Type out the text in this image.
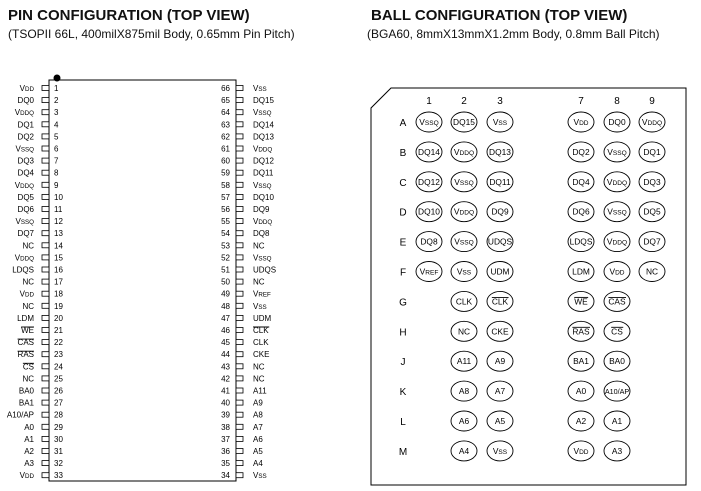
PIN CONFIGURATION (TOP VIEW)
(TSOPII 66L, 400milX875mil Body, 0.65mm Pin Pitch)
BALL CONFIGURATION (TOP VIEW)
(BGA60, 8mmX13mmX1.2mm Body, 0.8mm Ball Pitch)
VDD	1
DQ0	2
VDDQ	3
DQ1	4
DQ2	5
VSSQ	6
DQ3	7
DQ4	8
VDDQ	9
DQ5	10
DQ6	11
VSSQ	12
DQ7	13
NC	14
VDDQ	15
LDQS	16
NC	17
VDD	18
NC	19
LDM	20
WE	21
CAS	22
RAS	23
CS	24
NC	25
BA0	26
BA1	27
A10/AP	28
A0	29
A1	30
A2	31
A3	32
VDD	33
66	VSS
65	DQ15
64	VSSQ
63	DQ14
62	DQ13
61	VDDQ
60	DQ12
59	DQ11
58	VSSQ
57	DQ10
56	DQ9
55	VDDQ
54	DQ8
53	NC
52	VSSQ
51	UDQS
50	NC
49	VREF
48	VSS
47	UDM
46	CLK
45	CLK
44	CKE
43	NC
42	NC
41	A11
40	A9
39	A8
38	A7
37	A6
36	A5
35	A4
34	VSS
1	2	3	7	8	9
A VSSQ DQ15 VSS	VDD DQ0 VDDQ
B DQ14 VDDQ DQ13	DQ2 VSSQ DQ1
C DQ12 VSSQ DQ11	DQ4 VDDQ DQ3
D DQ10 VDDQ DQ9	DQ6 VSSQ DQ5
E DQ8 VSSQ UDQS	LDQS VDDQ DQ7
F VREF VSS UDM	LDM VDD	NC
G	CLK CLK	WE CAS
H	NC	CKE	RAS	CS
J	A11	A9	BA1 BA0
K	A8	A7	A0	A10/AP
L	A6	A5	A2	A1
M	A4	VSS	VDD	A3
